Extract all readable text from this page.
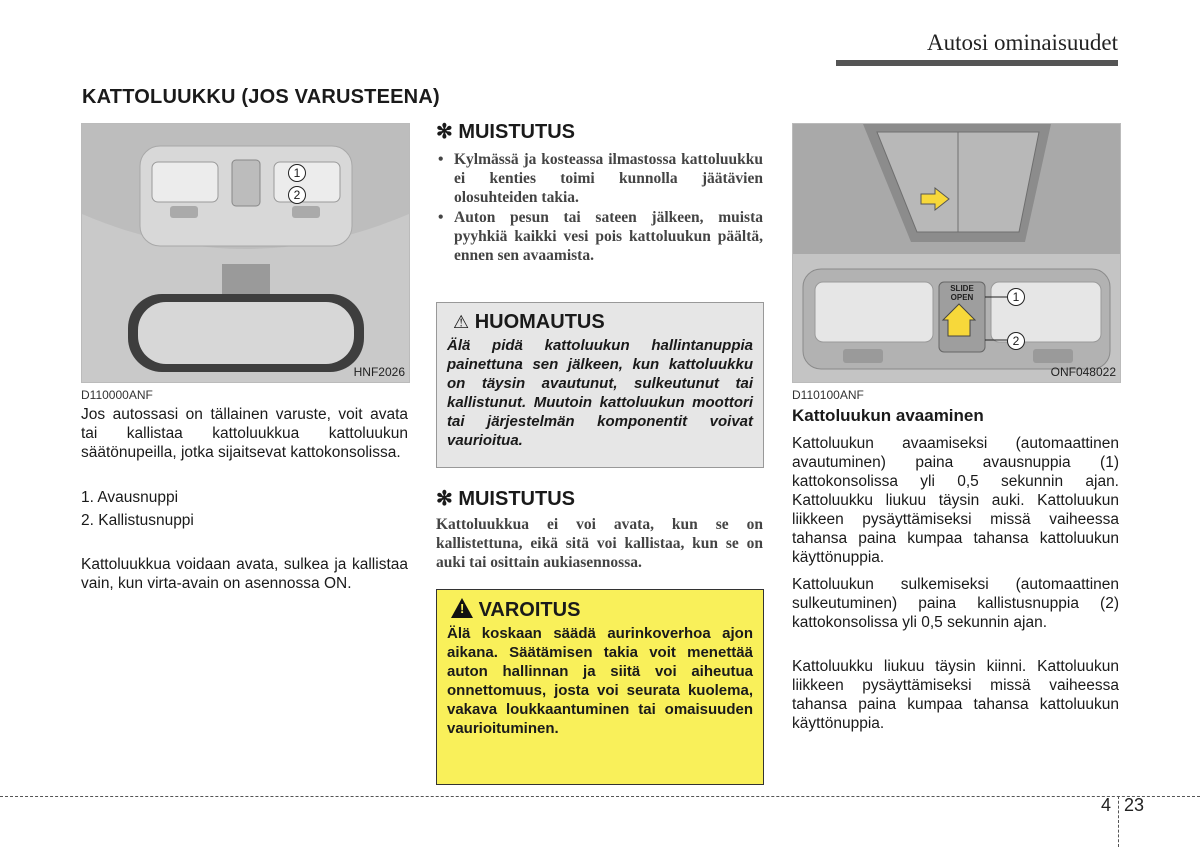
Autosi ominaisuudet
KATTOLUUKKU (JOS VARUSTEENA)
1
2
HNF2026
D110000ANF
Jos autossasi on tällainen varuste, voit avata tai kallistaa kattoluukkua kattoluukun säätönupeilla, jotka sijaitsevat kattokonsolissa.
1. Avausnuppi
2. Kallistusnuppi
Kattoluukkua voidaan avata, sulkea ja kallistaa vain, kun virta-avain on asennossa ON.
✻ MUISTUTUS
• Kylmässä ja kosteassa ilmastossa kattoluukku ei kenties toimi kunnolla jäätävien olosuhteiden takia.
• Auton pesun tai sateen jälkeen, muista pyyhkiä kaikki vesi pois kattoluukun päältä, ennen sen avaamista.
⚠ HUOMAUTUS
Älä pidä kattoluukun hallintanuppia painettuna sen jälkeen, kun kattoluukku on täysin avautunut, sulkeutunut tai kallistunut. Muutoin kattoluukun moottori tai järjestelmän komponentit voivat vaurioitua.
✻ MUISTUTUS
Kattoluukkua ei voi avata, kun se on kallistettuna, eikä sitä voi kallistaa, kun se on auki tai osittain aukiasennossa.
! VAROITUS
Älä koskaan säädä aurinkoverhoa ajon aikana. Säätämisen takia voit menettää auton hallinnan ja siitä voi aiheutua onnettomuus, josta voi seurata kuolema, vakava loukkaantuminen tai omaisuuden vaurioituminen.
SLIDE
OPEN	1
2
ONF048022
D110100ANF
Kattoluukun avaaminen
Kattoluukun avaamiseksi (automaattinen avautuminen) paina avausnuppia (1) kattokonsolissa yli 0,5 sekunnin ajan. Kattoluukku liukuu täysin auki. Kattoluukun liikkeen pysäyttämiseksi missä vaiheessa tahansa paina kumpaa tahansa kattoluukun käyttönuppia.
Kattoluukun sulkemiseksi (automaattinen sulkeutuminen) paina kallistusnuppia (2) kattokonsolissa yli 0,5 sekunnin ajan.
Kattoluukku liukuu täysin kiinni. Kattoluukun liikkeen pysäyttämiseksi missä vaiheessa tahansa paina kumpaa tahansa kattoluukun käyttönuppia.
4 23
